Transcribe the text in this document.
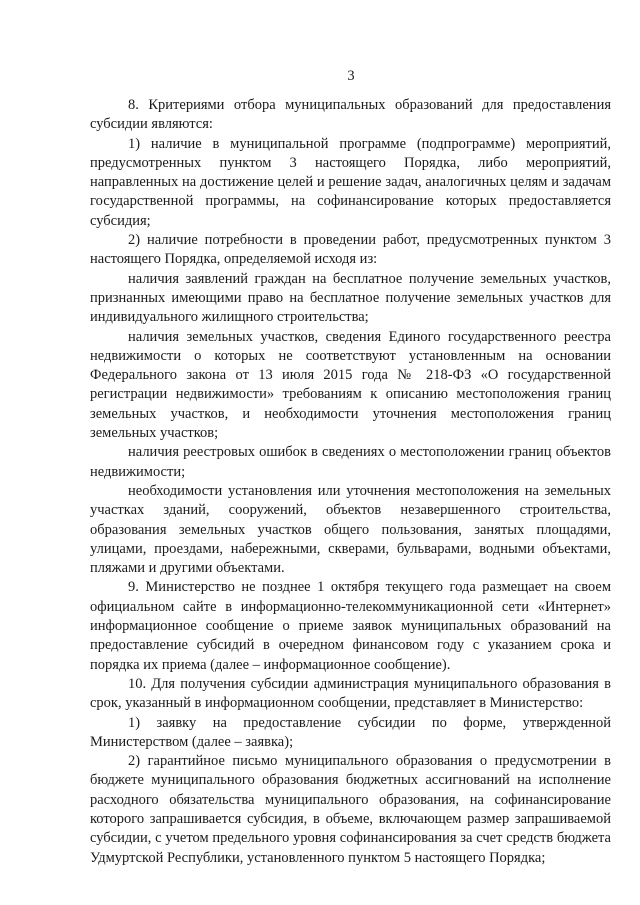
3

8. Критериями отбора муниципальных образований для предоставления субсидии являются:

1) наличие в муниципальной программе (подпрограмме) мероприятий, предусмотренных пунктом 3 настоящего Порядка, либо мероприятий, направленных на достижение целей и решение задач, аналогичных целям и задачам государственной программы, на софинансирование которых предоставляется субсидия;

2) наличие потребности в проведении работ, предусмотренных пунктом 3 настоящего Порядка, определяемой исходя из:

наличия заявлений граждан на бесплатное получение земельных участков, признанных имеющими право на бесплатное получение земельных участков для индивидуального жилищного строительства;

наличия земельных участков, сведения Единого государственного реестра недвижимости о которых не соответствуют установленным на основании Федерального закона от 13 июля 2015 года № 218-ФЗ «О государственной регистрации недвижимости» требованиям к описанию местоположения границ земельных участков, и необходимости уточнения местоположения границ земельных участков;

наличия реестровых ошибок в сведениях о местоположении границ объектов недвижимости;

необходимости установления или уточнения местоположения на земельных участках зданий, сооружений, объектов незавершенного строительства, образования земельных участков общего пользования, занятых площадями, улицами, проездами, набережными, скверами, бульварами, водными объектами, пляжами и другими объектами.

9. Министерство не позднее 1 октября текущего года размещает на своем официальном сайте в информационно-телекоммуникационной сети «Интернет» информационное сообщение о приеме заявок муниципальных образований на предоставление субсидий в очередном финансовом году с указанием срока и порядка их приема (далее – информационное сообщение).

10. Для получения субсидии администрация муниципального образования в срок, указанный в информационном сообщении, представляет в Министерство:

1) заявку на предоставление субсидии по форме, утвержденной Министерством (далее – заявка);

2) гарантийное письмо муниципального образования о предусмотрении в бюджете муниципального образования бюджетных ассигнований на исполнение расходного обязательства муниципального образования, на софинансирование которого запрашивается субсидия, в объеме, включающем размер запрашиваемой субсидии, с учетом предельного уровня софинансирования за счет средств бюджета Удмуртской Республики, установленного пунктом 5 настоящего Порядка;
